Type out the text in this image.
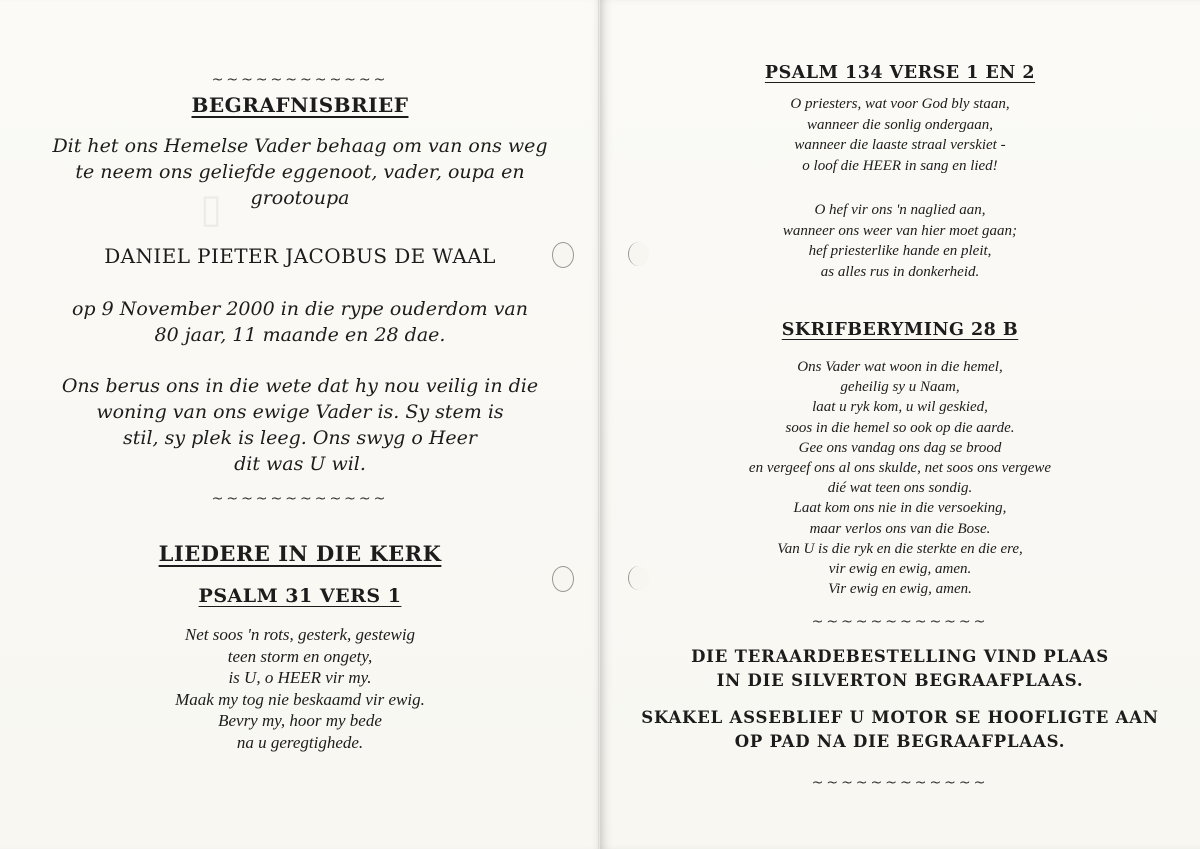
▯
~~~~~~~~~~~~
BEGRAFNISBRIEF
Dit het ons Hemelse Vader behaag om van ons weg
te neem ons geliefde eggenoot, vader, oupa en
grootoupa
DANIEL PIETER JACOBUS DE WAAL
op 9 November 2000 in die rype ouderdom van
80 jaar, 11 maande en 28 dae.
Ons berus ons in die wete dat hy nou veilig in die
woning van ons ewige Vader is. Sy stem is
stil, sy plek is leeg. Ons swyg o Heer
dit was U wil.
~~~~~~~~~~~~
LIEDERE IN DIE KERK
PSALM 31 VERS 1
Net soos 'n rots, gesterk, gestewig
teen storm en ongety,
is U, o HEER vir my.
Maak my tog nie beskaamd vir ewig.
Bevry my, hoor my bede
na u geregtighede.
PSALM 134 VERSE 1 EN 2
O priesters, wat voor God bly staan,
wanneer die sonlig ondergaan,
wanneer die laaste straal verskiet -
o loof die HEER in sang en lied!
O hef vir ons 'n naglied aan,
wanneer ons weer van hier moet gaan;
hef priesterlike hande en pleit,
as alles rus in donkerheid.
SKRIFBERYMING 28 B
Ons Vader wat woon in die hemel,
geheilig sy u Naam,
laat u ryk kom, u wil geskied,
soos in die hemel so ook op die aarde.
Gee ons vandag ons dag se brood
en vergeef ons al ons skulde, net soos ons vergewe
dié wat teen ons sondig.
Laat kom ons nie in die versoeking,
maar verlos ons van die Bose.
Van U is die ryk en die sterkte en die ere,
vir ewig en ewig, amen.
Vir ewig en ewig, amen.
~~~~~~~~~~~~
DIE TERAARDEBESTELLING VIND PLAAS
IN DIE SILVERTON BEGRAAFPLAAS.
SKAKEL ASSEBLIEF U MOTOR SE HOOFLIGTE AAN
OP PAD NA DIE BEGRAAFPLAAS.
~~~~~~~~~~~~
